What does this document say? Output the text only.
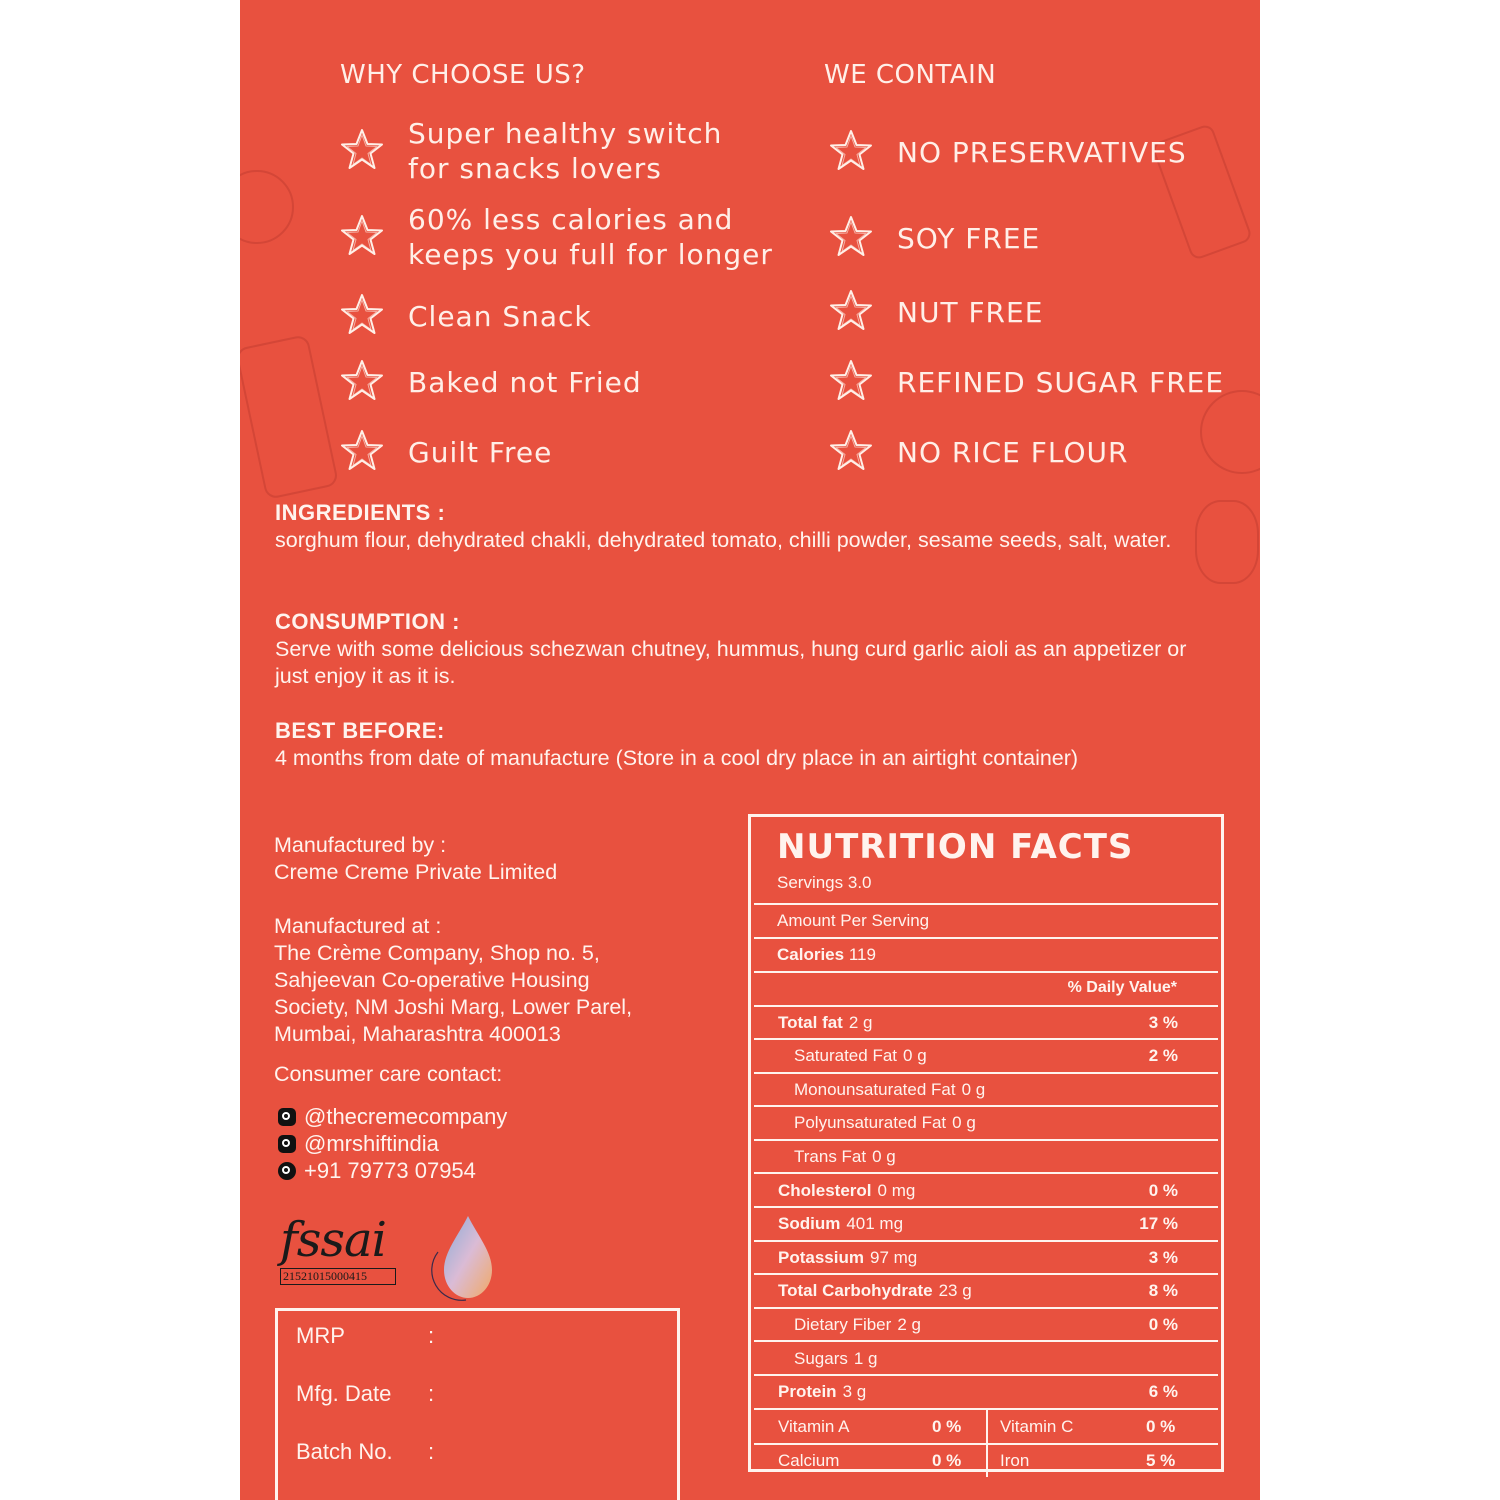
WHY CHOOSE US?
Super healthy switch
for snacks lovers
60% less calories and
keeps you full for longer
Clean Snack
Baked not Fried
Guilt Free
WE CONTAIN
NO PRESERVATIVES
SOY FREE
NUT FREE
REFINED SUGAR FREE
NO RICE FLOUR
INGREDIENTS :
sorghum flour, dehydrated chakli, dehydrated tomato, chilli powder, sesame seeds, salt, water.
CONSUMPTION :
Serve with some delicious schezwan chutney, hummus, hung curd garlic aioli as an appetizer or just enjoy it as it is.
BEST BEFORE:
4 months from date of manufacture (Store in a cool dry place in an airtight container)
Manufactured by :
Creme Creme Private Limited
Manufactured at :
The Crème Company, Shop no. 5,
Sahjeevan Co-operative Housing
Society, NM Joshi Marg, Lower Parel,
Mumbai, Maharashtra 400013
Consumer care contact:
@thecremecompany
@mrshiftindia
+91 79773 07954
fssai
21521015000415
MRP	:
Mfg. Date :
Batch No. :
NUTRITION FACTS
Servings 3.0
Amount Per Serving
Calories 119
% Daily Value*
Total fat 2 g	3 %
Saturated Fat 0 g	2 %
Monounsaturated Fat 0 g
Polyunsaturated Fat 0 g
Trans Fat 0 g
Cholesterol 0 mg	0 %
Sodium 401 mg	17 %
Potassium 97 mg	3 %
Total Carbohydrate 23 g	8 %
Dietary Fiber 2 g	0 %
Sugars 1 g
Protein 3 g	6 %
Vitamin A	0 % Vitamin C	0 %
Calcium	0 % Iron	5 %
